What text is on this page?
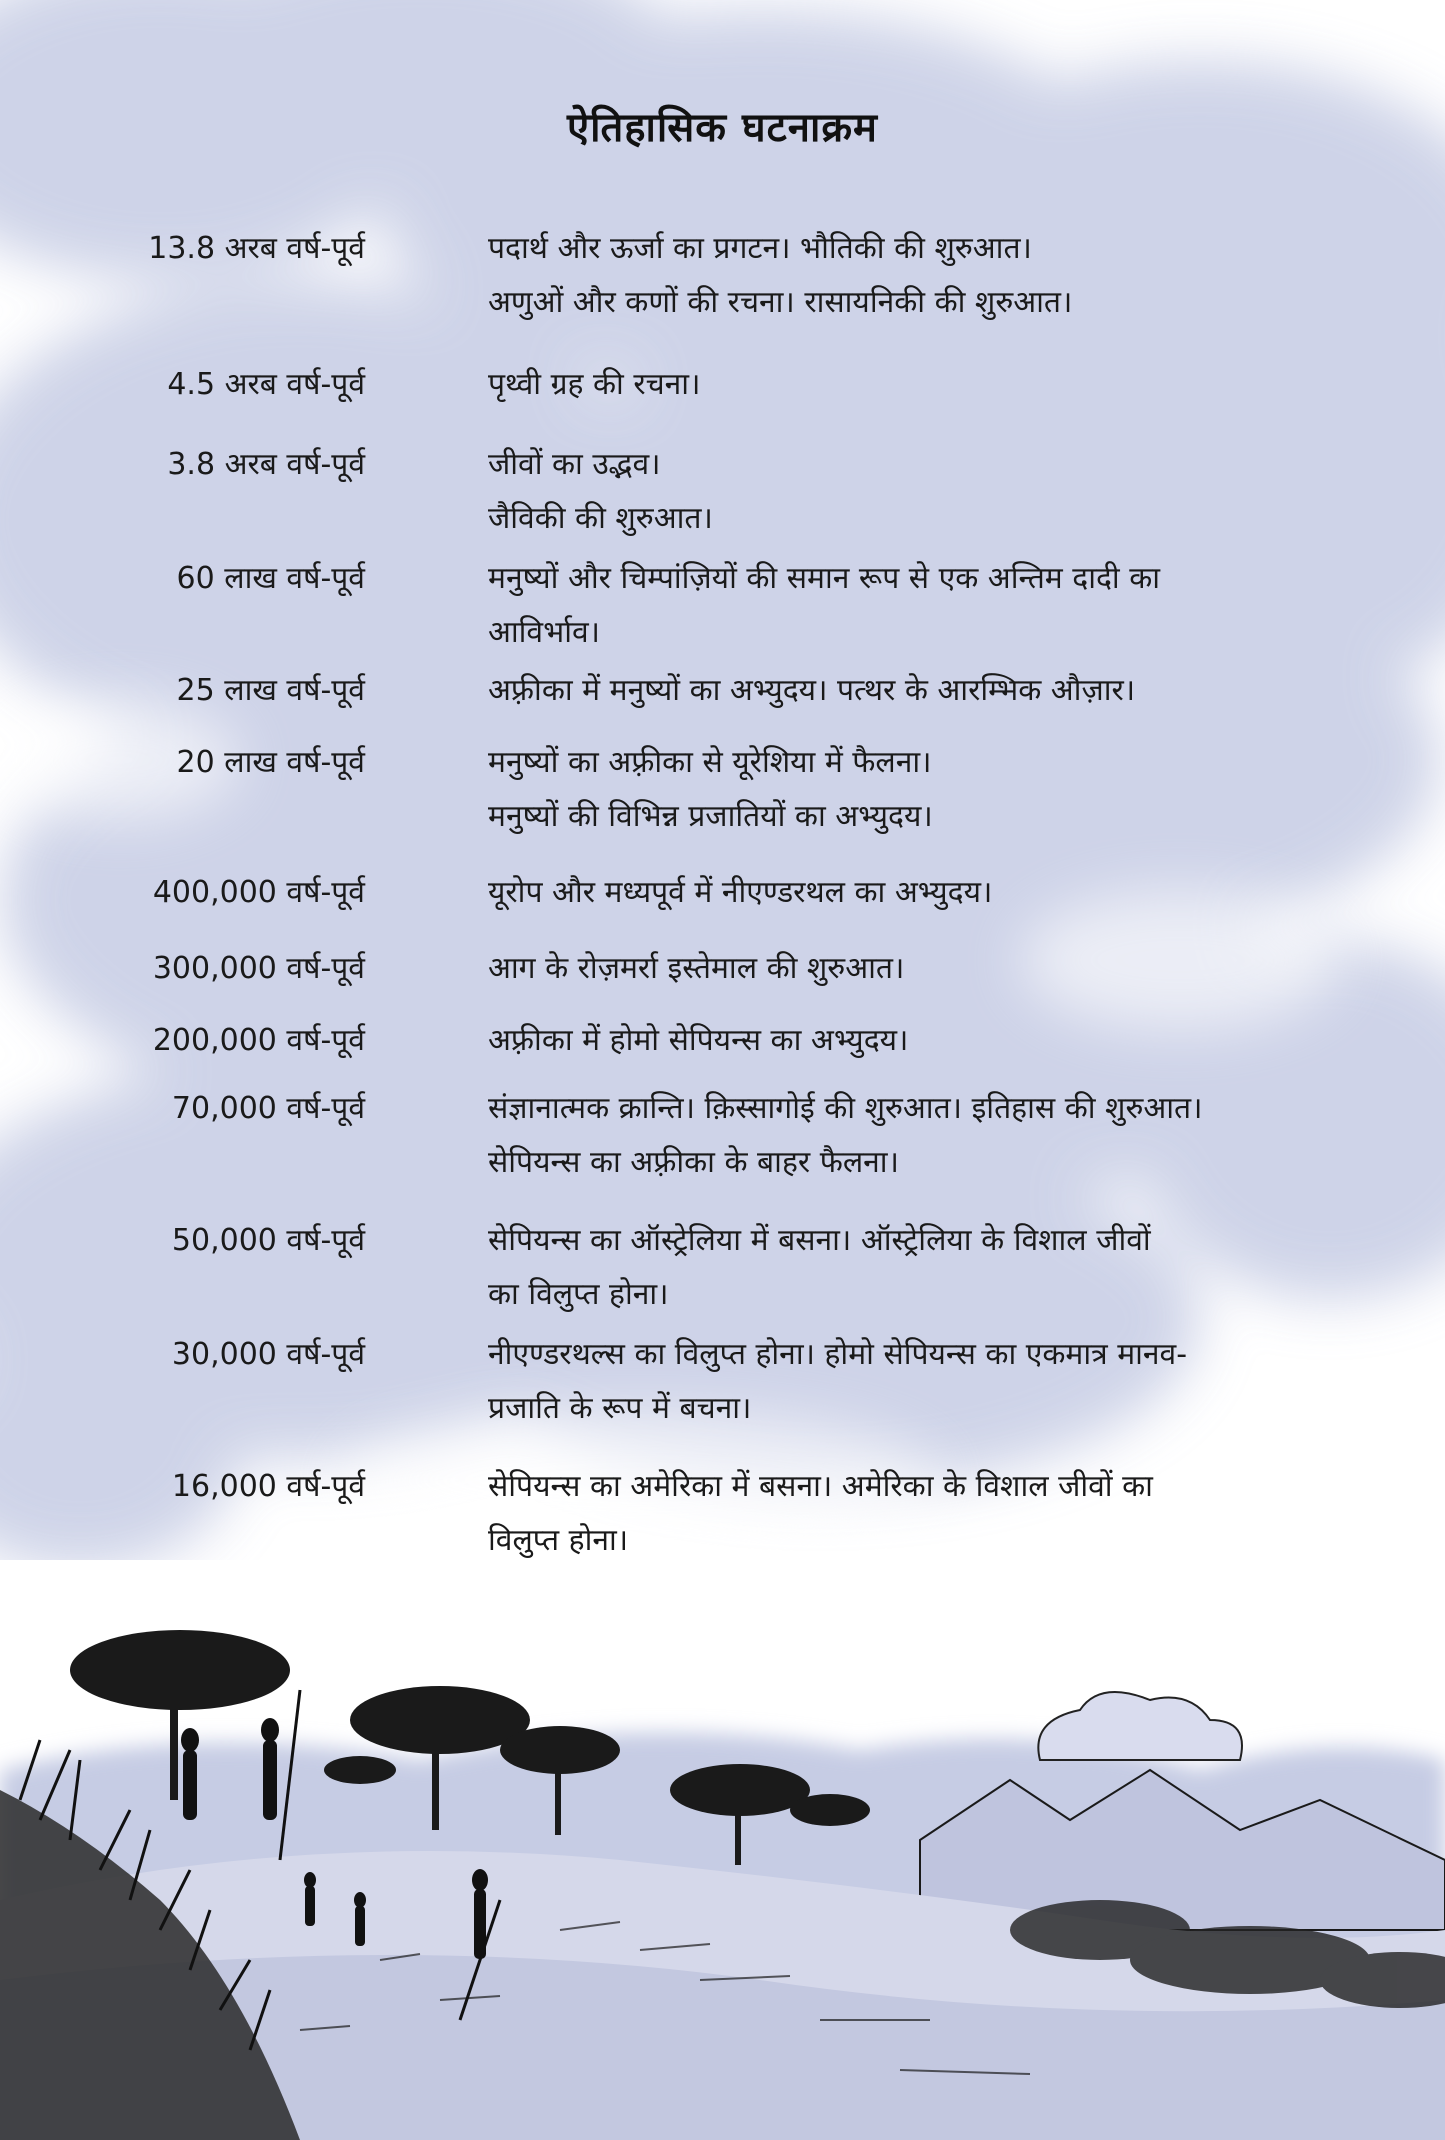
ऐतिहासिक घटनाक्रम
13.8 अरब वर्ष-पूर्व	पदार्थ और ऊर्जा का प्रगटन। भौतिकी की शुरुआत।
अणुओं और कणों की रचना। रासायनिकी की शुरुआत।
4.5 अरब वर्ष-पूर्व	पृथ्वी ग्रह की रचना।
3.8 अरब वर्ष-पूर्व	जीवों का उद्भव।
जैविकी की शुरुआत।
60 लाख वर्ष-पूर्व	मनुष्यों और चिम्पांज़ियों की समान रूप से एक अन्तिम दादी का
आविर्भाव।
25 लाख वर्ष-पूर्व	अफ़्रीका में मनुष्यों का अभ्युदय। पत्थर के आरम्भिक औज़ार।
20 लाख वर्ष-पूर्व	मनुष्यों का अफ़्रीका से यूरेशिया में फैलना।
मनुष्यों की विभिन्न प्रजातियों का अभ्युदय।
400,000 वर्ष-पूर्व	यूरोप और मध्यपूर्व में नीएण्डरथल का अभ्युदय।
300,000 वर्ष-पूर्व	आग के रोज़मर्रा इस्तेमाल की शुरुआत।
200,000 वर्ष-पूर्व	अफ़्रीका में होमो सेपियन्स का अभ्युदय।
70,000 वर्ष-पूर्व	संज्ञानात्मक क्रान्ति। क़िस्सागोई की शुरुआत। इतिहास की शुरुआत।
सेपियन्स का अफ़्रीका के बाहर फैलना।
50,000 वर्ष-पूर्व	सेपियन्स का ऑस्ट्रेलिया में बसना। ऑस्ट्रेलिया के विशाल जीवों
का विलुप्त होना।
30,000 वर्ष-पूर्व	नीएण्डरथल्स का विलुप्त होना। होमो सेपियन्स का एकमात्र मानव-
प्रजाति के रूप में बचना।
16,000 वर्ष-पूर्व	सेपियन्स का अमेरिका में बसना। अमेरिका के विशाल जीवों का
विलुप्त होना।
